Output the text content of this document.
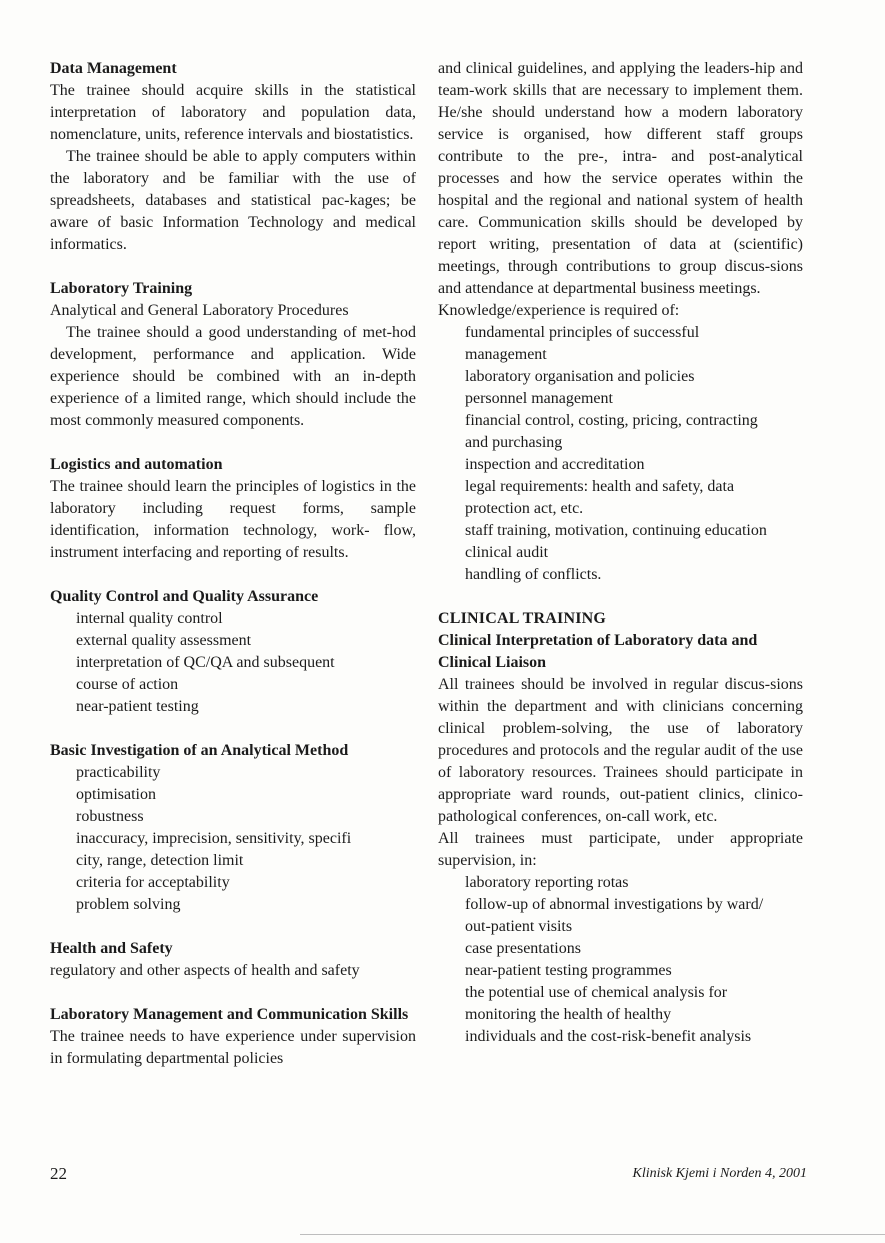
Data Management

The trainee should acquire skills in the statistical interpretation of laboratory and population data, nomenclature, units, reference intervals and biostatistics.

The trainee should be able to apply computers within the laboratory and be familiar with the use of spreadsheets, databases and statistical pac-kages; be aware of basic Information Technology and medical informatics.

Laboratory Training

Analytical and General Laboratory Procedures

The trainee should a good understanding of met-hod development, performance and application. Wide experience should be combined with an in-depth experience of a limited range, which should include the most commonly measured components.

Logistics and automation

The trainee should learn the principles of logistics in the laboratory including request forms, sample identification, information technology, work- flow, instrument interfacing and reporting of results.

Quality Control and Quality Assurance

internal quality control
external quality assessment
interpretation of QC/QA and subsequent
course of action
near-patient testing

Basic Investigation of an Analytical Method

practicability
optimisation
robustness
inaccuracy, imprecision, sensitivity, specifi
city, range, detection limit
criteria for acceptability
problem solving

Health and Safety

regulatory and other aspects of health and safety

Laboratory Management and Communication Skills

The trainee needs to have experience under supervision in formulating departmental policies

and clinical guidelines, and applying the leaders-hip and team-work skills that are necessary to implement them. He/she should understand how a modern laboratory service is organised, how different staff groups contribute to the pre-, intra- and post-analytical processes and how the service operates within the hospital and the regional and national system of health care. Communication skills should be developed by report writing, presentation of data at (scientific) meetings, through contributions to group discus-sions and attendance at departmental business meetings.

Knowledge/experience is required of:

fundamental principles of successful
management
laboratory organisation and policies
personnel management
financial control, costing, pricing, contracting
and purchasing
inspection and accreditation
legal requirements: health and safety, data
protection act, etc.
staff training, motivation, continuing education
clinical audit
handling of conflicts.

CLINICAL TRAINING

Clinical Interpretation of Laboratory data and Clinical Liaison

All trainees should be involved in regular discus-sions within the department and with clinicians concerning clinical problem-solving, the use of laboratory procedures and protocols and the regular audit of the use of laboratory resources. Trainees should participate in appropriate ward rounds, out-patient clinics, clinico-pathological conferences, on-call work, etc.

All trainees must participate, under appropriate supervision, in:

laboratory reporting rotas
follow-up of abnormal investigations by ward/
out-patient visits
case presentations
near-patient testing programmes
the potential use of chemical analysis for
monitoring the health of healthy
individuals and the cost-risk-benefit analysis
22	Klinisk Kjemi i Norden 4, 2001
